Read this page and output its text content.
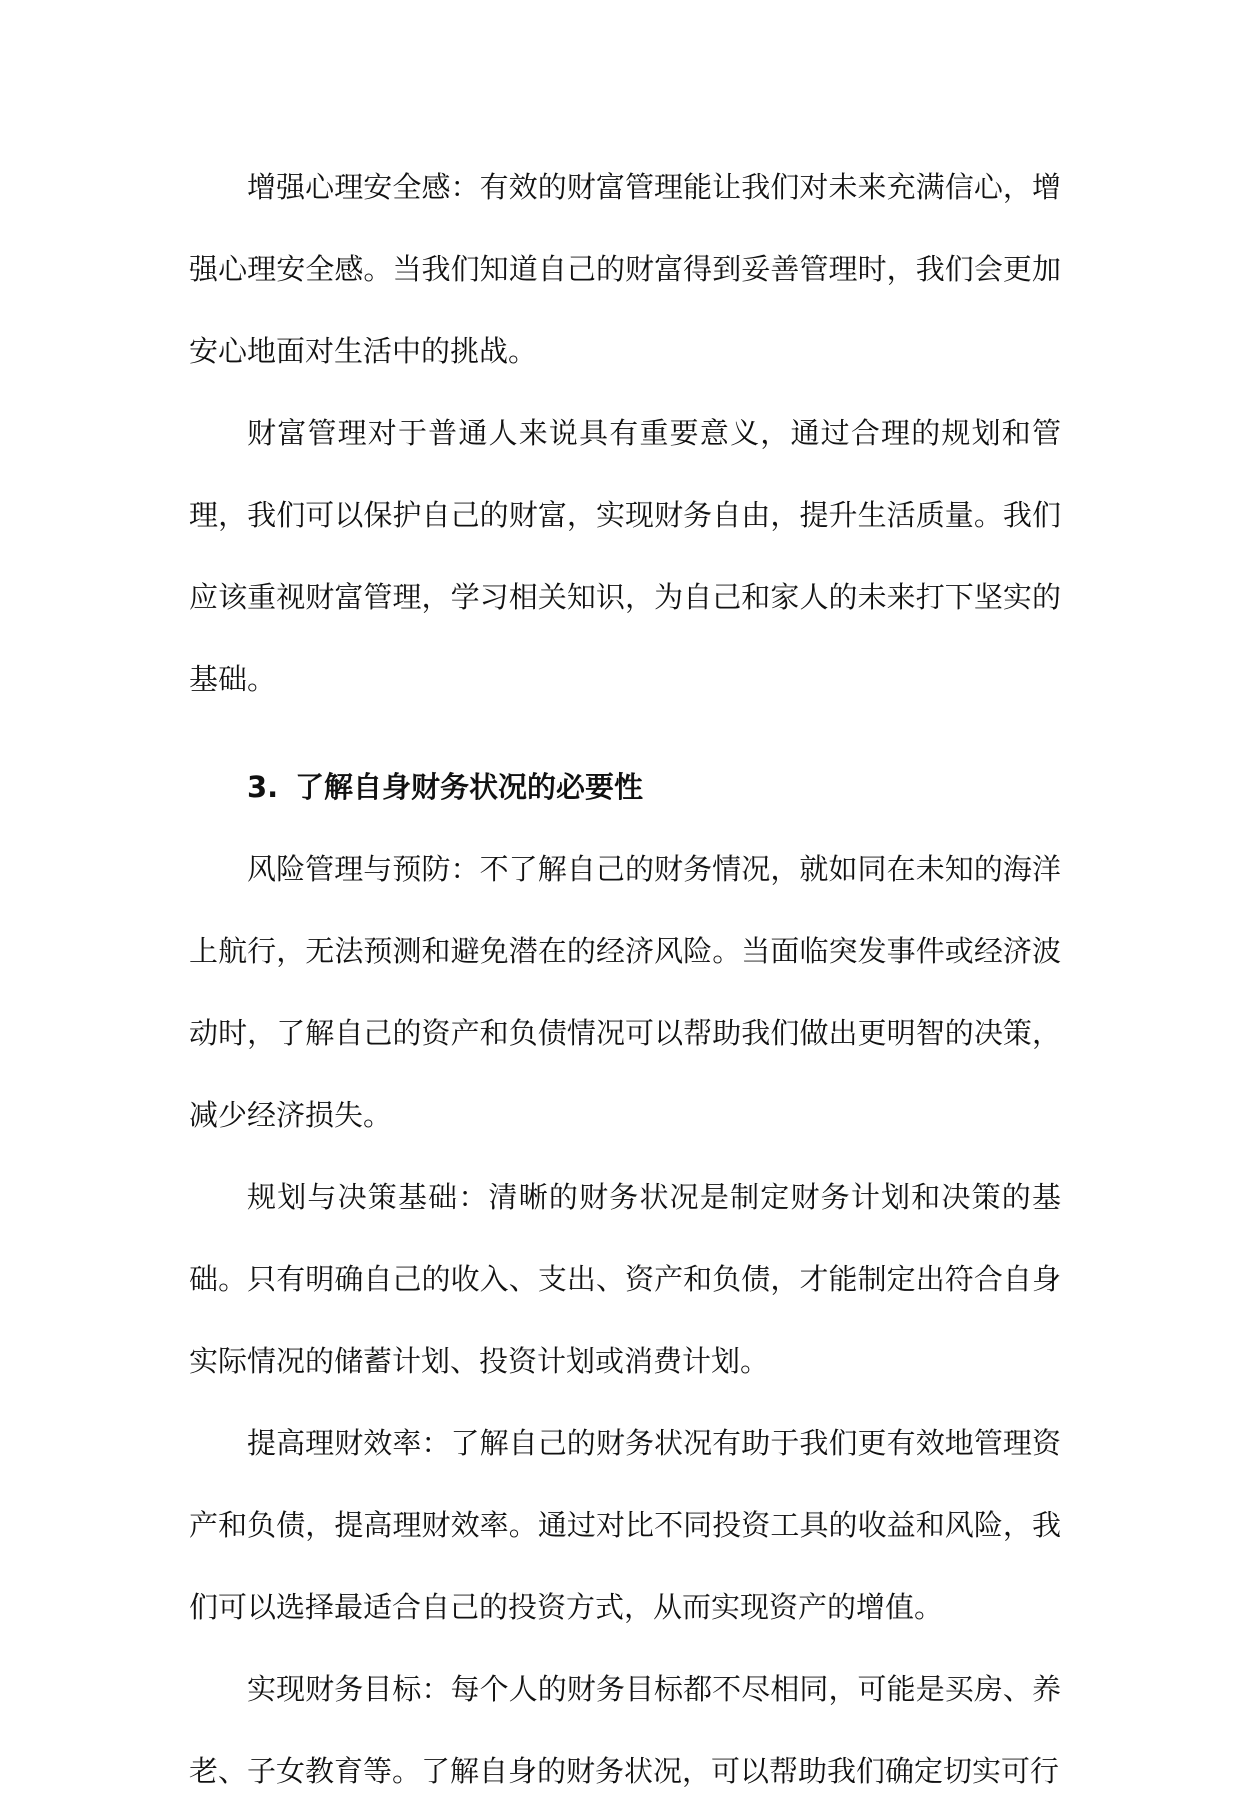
增强心理安全感：有效的财富管理能让我们对未来充满信心，增强心理安全感。当我们知道自己的财富得到妥善管理时，我们会更加安心地面对生活中的挑战。

财富管理对于普通人来说具有重要意义，通过合理的规划和管理，我们可以保护自己的财富，实现财务自由，提升生活质量。我们应该重视财富管理，学习相关知识，为自己和家人的未来打下坚实的基础。

3. 了解自身财务状况的必要性

风险管理与预防：不了解自己的财务情况，就如同在未知的海洋上航行，无法预测和避免潜在的经济风险。当面临突发事件或经济波动时，了解自己的资产和负债情况可以帮助我们做出更明智的决策，减少经济损失。

规划与决策基础：清晰的财务状况是制定财务计划和决策的基础。只有明确自己的收入、支出、资产和负债，才能制定出符合自身实际情况的储蓄计划、投资计划或消费计划。

提高理财效率：了解自己的财务状况有助于我们更有效地管理资产和负债，提高理财效率。通过对比不同投资工具的收益和风险，我们可以选择最适合自己的投资方式，从而实现资产的增值。

实现财务目标：每个人的财务目标都不尽相同，可能是买房、养老、子女教育等。了解自身的财务状况，可以帮助我们确定切实可行
